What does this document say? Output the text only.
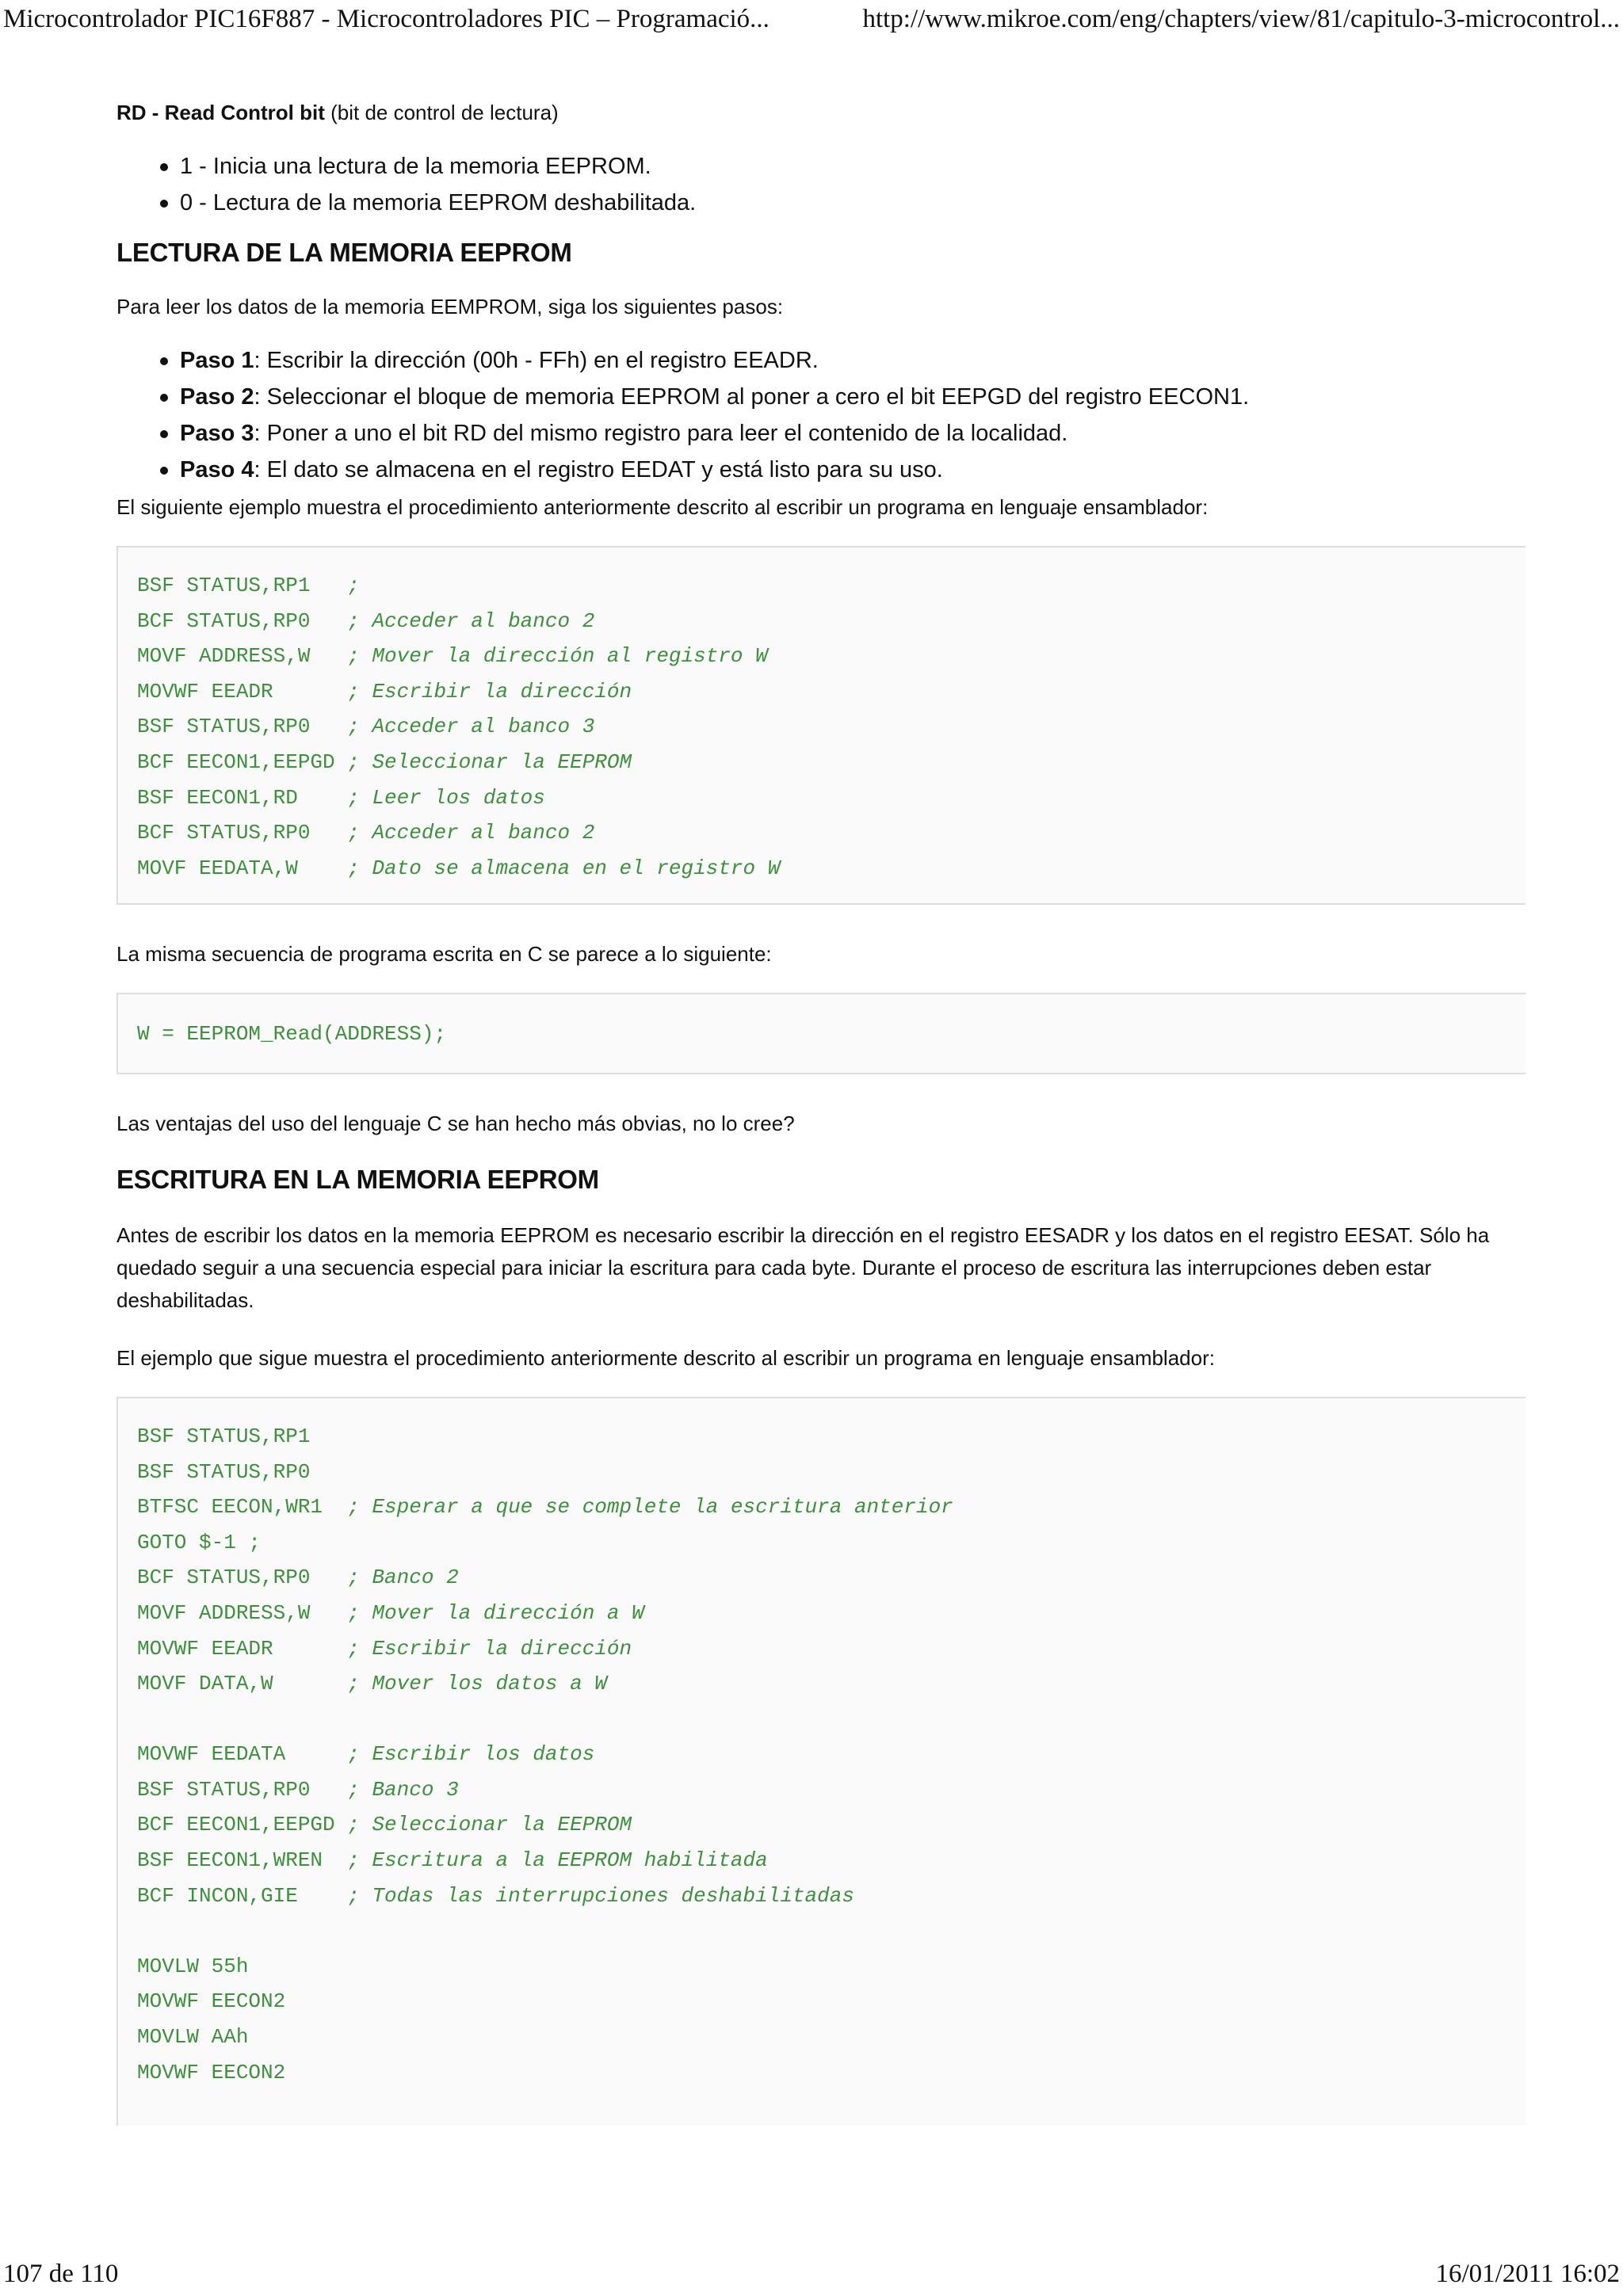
Microcontrolador PIC16F887 - Microcontroladores PIC – Programació...	http://www.mikroe.com/eng/chapters/view/81/capitulo-3-microcontrol...

RD - Read Control bit (bit de control de lectura)

1 - Inicia una lectura de la memoria EEPROM.
0 - Lectura de la memoria EEPROM deshabilitada.
LECTURA DE LA MEMORIA EEPROM

Para leer los datos de la memoria EEMPROM, siga los siguientes pasos:

Paso 1: Escribir la dirección (00h - FFh) en el registro EEADR.
Paso 2: Seleccionar el bloque de memoria EEPROM al poner a cero el bit EEPGD del registro EECON1.
Paso 3: Poner a uno el bit RD del mismo registro para leer el contenido de la localidad.
Paso 4: El dato se almacena en el registro EEDAT y está listo para su uso.

El siguiente ejemplo muestra el procedimiento anteriormente descrito al escribir un programa en lenguaje ensamblador:

BSF STATUS,RP1   ;
BCF STATUS,RP0   ; Acceder al banco 2
MOVF ADDRESS,W   ; Mover la dirección al registro W
MOVWF EEADR      ; Escribir la dirección
BSF STATUS,RP0   ; Acceder al banco 3
BCF EECON1,EEPGD ; Seleccionar la EEPROM
BSF EECON1,RD    ; Leer los datos
BCF STATUS,RP0   ; Acceder al banco 2
MOVF EEDATA,W    ; Dato se almacena en el registro W

La misma secuencia de programa escrita en C se parece a lo siguiente:

W = EEPROM_Read(ADDRESS);

Las ventajas del uso del lenguaje C se han hecho más obvias, no lo cree?

ESCRITURA EN LA MEMORIA EEPROM

Antes de escribir los datos en la memoria EEPROM es necesario escribir la dirección en el registro EESADR y los datos en el registro EESAT. Sólo ha quedado seguir a una secuencia especial para iniciar la escritura para cada byte. Durante el proceso de escritura las interrupciones deben estar deshabilitadas.

El ejemplo que sigue muestra el procedimiento anteriormente descrito al escribir un programa en lenguaje ensamblador:

BSF STATUS,RP1
BSF STATUS,RP0
BTFSC EECON,WR1  ; Esperar a que se complete la escritura anterior
GOTO $-1 ;
BCF STATUS,RP0   ; Banco 2
MOVF ADDRESS,W   ; Mover la dirección a W
MOVWF EEADR      ; Escribir la dirección
MOVF DATA,W      ; Mover los datos a W
MOVWF EEDATA     ; Escribir los datos
BSF STATUS,RP0   ; Banco 3
BCF EECON1,EEPGD ; Seleccionar la EEPROM
BSF EECON1,WREN  ; Escritura a la EEPROM habilitada
BCF INCON,GIE    ; Todas las interrupciones deshabilitadas
MOVLW 55h
MOVWF EECON2
MOVLW AAh
MOVWF EECON2
107 de 110	16/01/2011 16:02
